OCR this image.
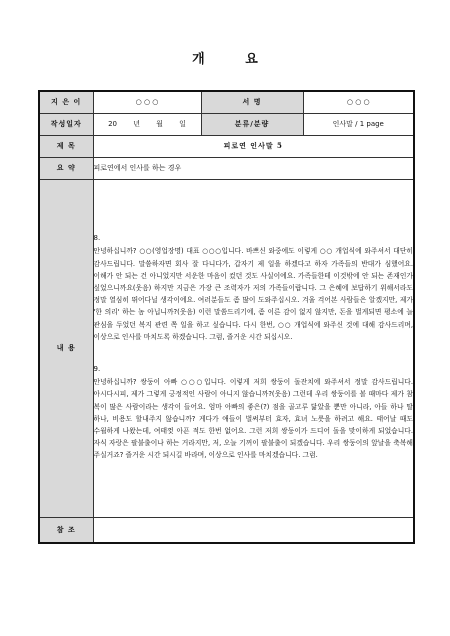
개 요
지 은 이	○ ○ ○	서 명	○ ○ ○
작성일자	20 년 월 일	분류/분량	인사말 / 1 page
제 목	피로연 인사말 5		
요 약	피로연에서 인사를 하는 경우		
내 용	8.

안녕하십니까? ○○(영업장명) 대표 ○○○입니다. 바쁘신 와중에도 이렇게 ○○ 개업식에 와주셔서 대단히 감사드립니다. 말씀하자면 회사 잘 다니다가, 갑자기 제 일을 하겠다고 하자 가족들의 반대가 심했어요. 이해가 안 되는 건 아니었지만 서운한 마음이 컸던 것도 사실이에요. 가족들한테 이것밖에 안 되는 존재인가 싶었으니까요(웃음) 하지만 지금은 가장 큰 조력자가 저의 가족들이랍니다. 그 은혜에 보답하기 위해서라도 정말 열심히 뛰어다닐 생각이에요. 여러분들도 좀 많이 도와주십시오. 겨울 걱어본 사람들은 알겠지만, 제가 '한 의리' 하는 놈 아닙니까?(웃음) 이런 말씀드리기에, 좀 이른 감이 없지 않지만, 돈을 벌게되면 평소에 늘 관심을 두었던 복지 관련 쪽 일을 하고 싶습니다. 다시 한번, ○○ 개업식에 와주신 것에 대해 감사드리며, 이상으로 인사를 마치도록 하겠습니다. 그럼, 즐거운 시간 되십시오.

9.

안녕하십니까? 쌍둥이 아빠 ○○○입니다. 이렇게 저희 쌍둥이 돌잔치에 와주셔서 정말 감사드립니다. 아시다시피, 제가 그렇게 긍정적인 사람이 아니지 않습니까?(웃음) 그런데 우리 쌍둥이를 볼 때마다 제가 참 복이 많은 사람이라는 생각이 들어요. 엄마 아빠의 좋은(?) 점을 골고루 닮았을 뿐만 아니라, 아들 하나 딸 하나, 비용도 할내주지 않습니까? 게다가 애들이 벌써부터 효자, 효녀 노릇을 하려고 해요. 태어날 때도 수월하게 나왔는데, 여태껏 아픈 적도 한번 없어요. 그런 저희 쌍둥이가 드디어 돌을 맞이하게 되었습니다. 자식 자랑은 팔불출이나 하는 거라지만, 저, 오늘 기꺼이 팔불출이 되겠습니다. 우리 쌍둥이의 앞날을 축복해 주실거죠? 즐거운 시간 되시길 바라며, 이상으로 인사를 마치겠습니다. 그럼.		

참 조			
